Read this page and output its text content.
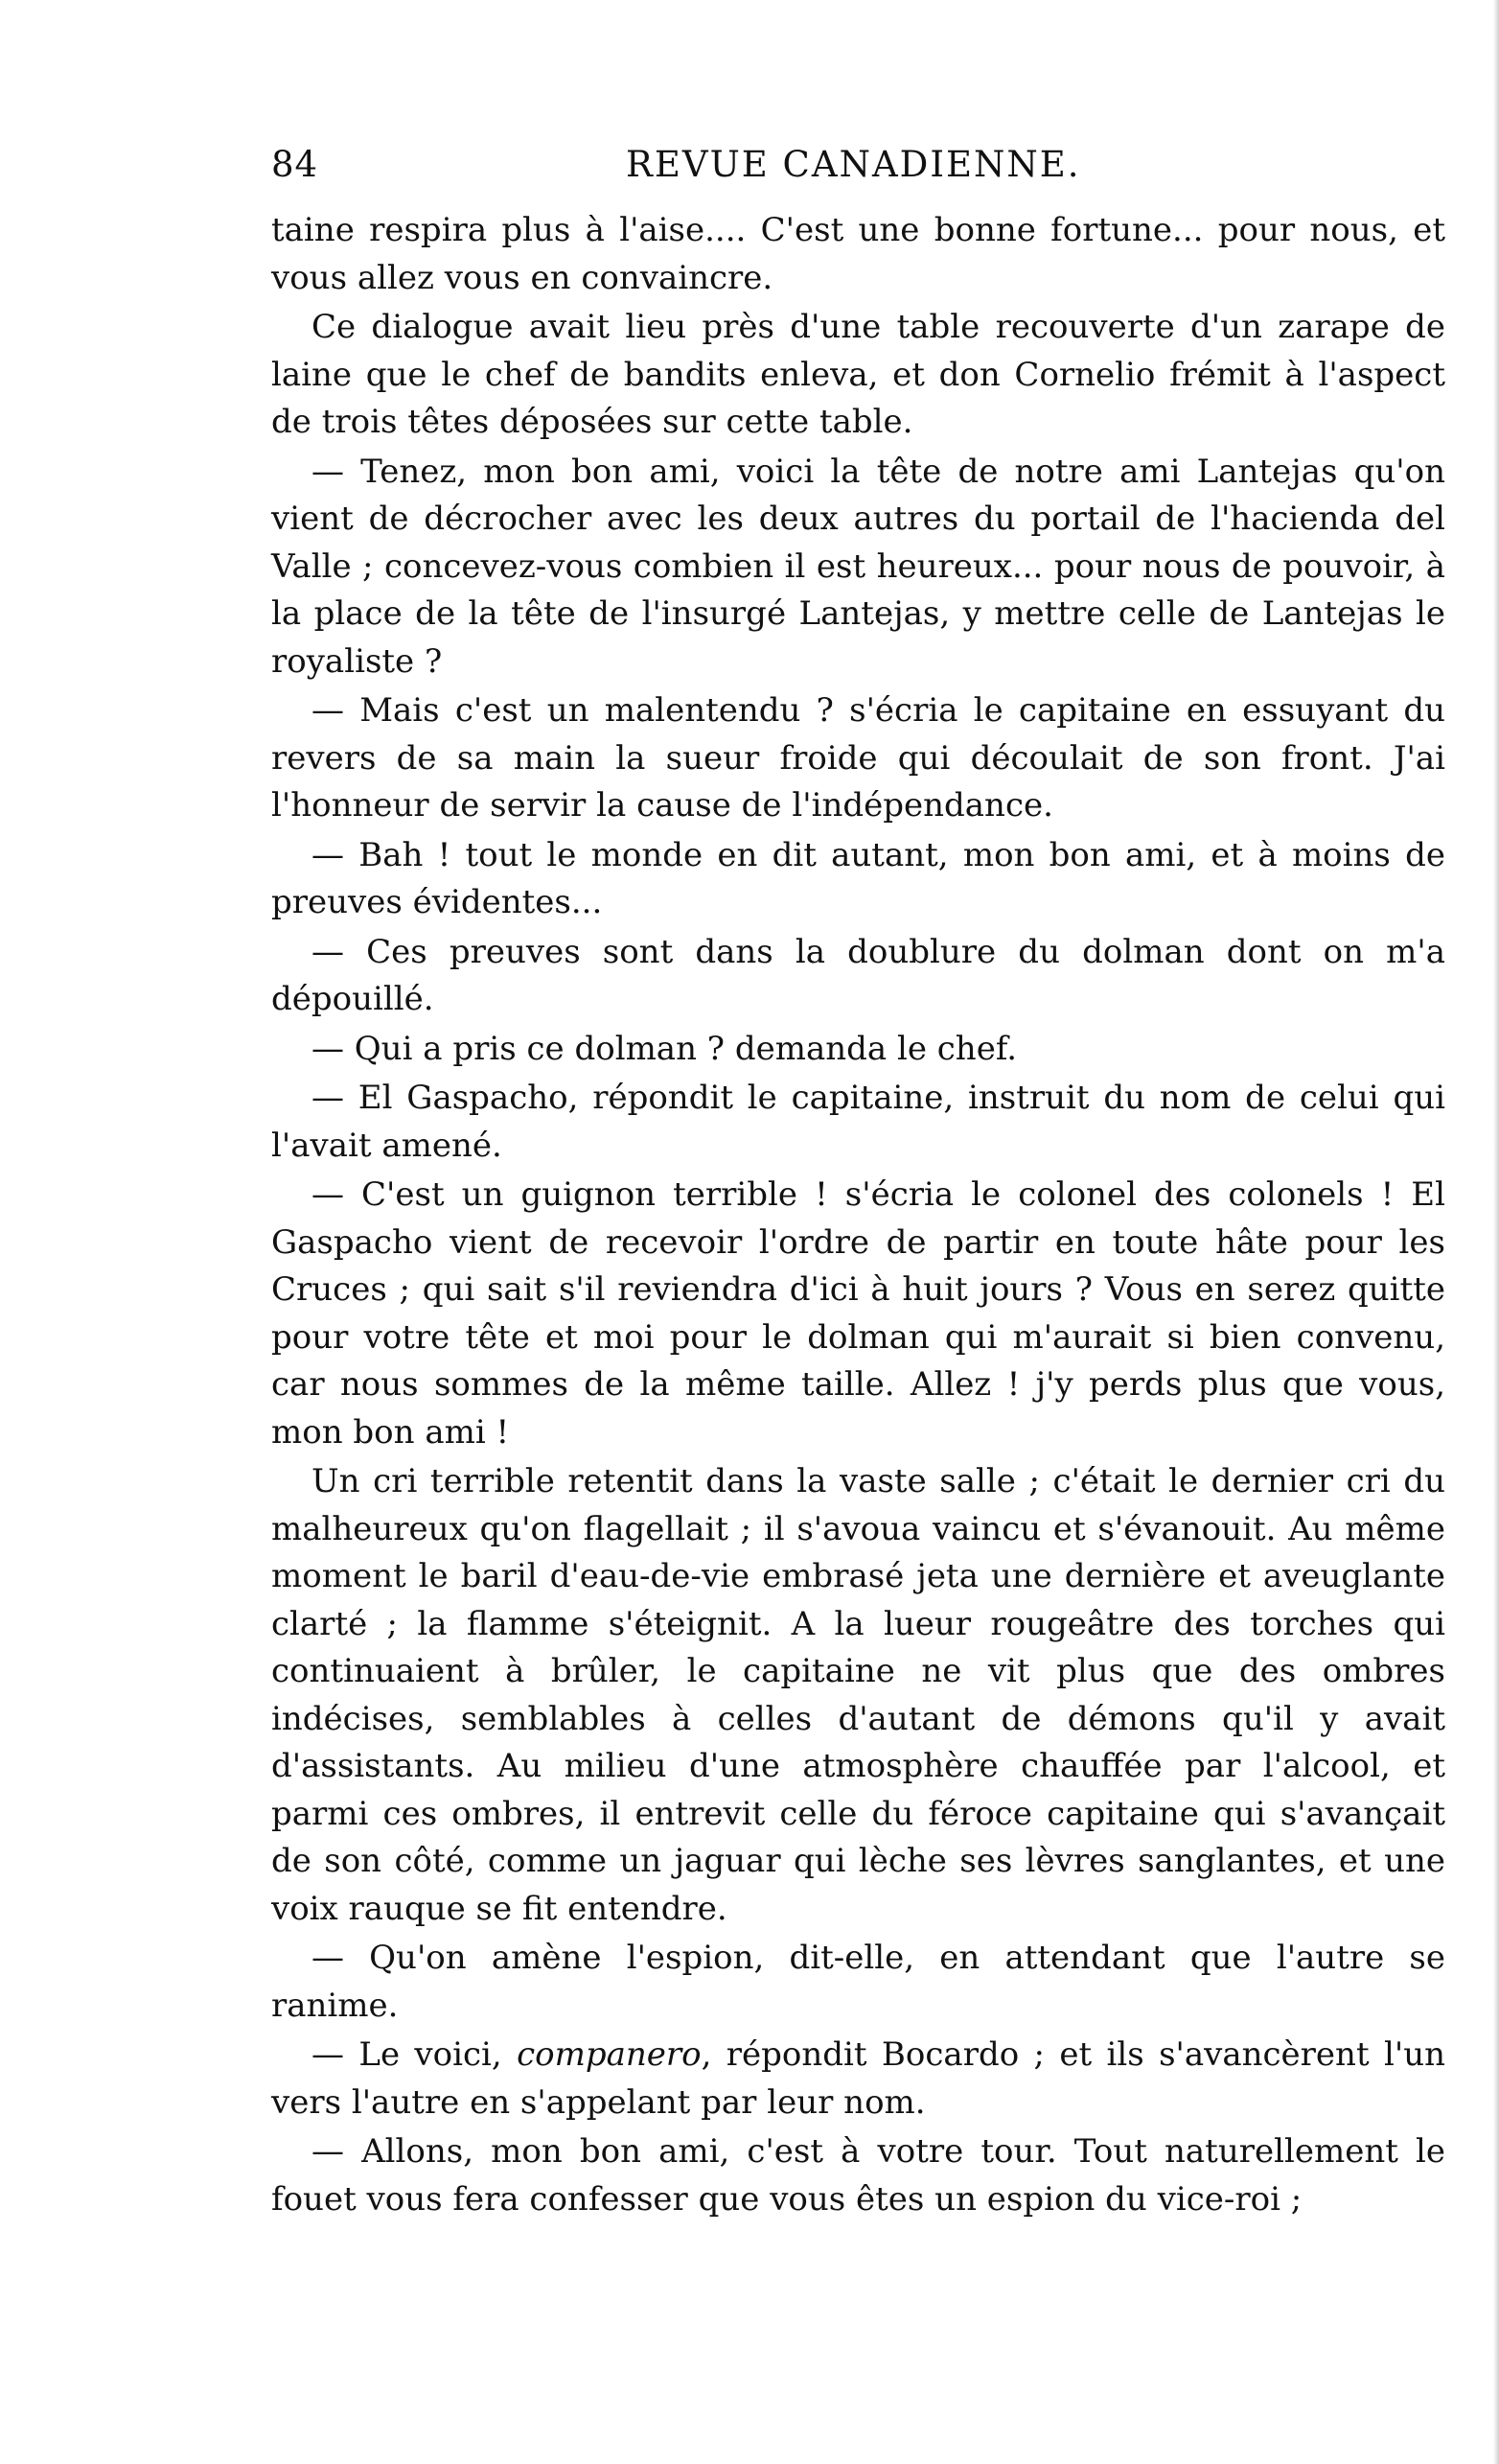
84	REVUE CANADIENNE.

taine respira plus à l'aise.... C'est une bonne fortune... pour nous, et vous allez vous en convaincre.

Ce dialogue avait lieu près d'une table recouverte d'un zarape de laine que le chef de bandits enleva, et don Cornelio frémit à l'aspect de trois têtes déposées sur cette table.

— Tenez, mon bon ami, voici la tête de notre ami Lantejas qu'on vient de décrocher avec les deux autres du portail de l'hacienda del Valle ; concevez-vous combien il est heureux... pour nous de pouvoir, à la place de la tête de l'insurgé Lantejas, y mettre celle de Lantejas le royaliste ?

— Mais c'est un malentendu ? s'écria le capitaine en essuyant du revers de sa main la sueur froide qui découlait de son front. J'ai l'honneur de servir la cause de l'indépendance.

— Bah ! tout le monde en dit autant, mon bon ami, et à moins de preuves évidentes...

— Ces preuves sont dans la doublure du dolman dont on m'a dépouillé.

— Qui a pris ce dolman ? demanda le chef.

— El Gaspacho, répondit le capitaine, instruit du nom de celui qui l'avait amené.

— C'est un guignon terrible ! s'écria le colonel des colonels ! El Gaspacho vient de recevoir l'ordre de partir en toute hâte pour les Cruces ; qui sait s'il reviendra d'ici à huit jours ? Vous en serez quitte pour votre tête et moi pour le dolman qui m'aurait si bien convenu, car nous sommes de la même taille. Allez ! j'y perds plus que vous, mon bon ami !

Un cri terrible retentit dans la vaste salle ; c'était le dernier cri du malheureux qu'on flagellait ; il s'avoua vaincu et s'évanouit. Au même moment le baril d'eau-de-vie embrasé jeta une dernière et aveuglante clarté ; la flamme s'éteignit. A la lueur rougeâtre des torches qui continuaient à brûler, le capitaine ne vit plus que des ombres indécises, semblables à celles d'autant de démons qu'il y avait d'assistants. Au milieu d'une atmosphère chauffée par l'alcool, et parmi ces ombres, il entrevit celle du féroce capitaine qui s'avançait de son côté, comme un jaguar qui lèche ses lèvres sanglantes, et une voix rauque se fit entendre.

— Qu'on amène l'espion, dit-elle, en attendant que l'autre se ranime.

— Le voici, companero, répondit Bocardo ; et ils s'avancèrent l'un vers l'autre en s'appelant par leur nom.

— Allons, mon bon ami, c'est à votre tour. Tout naturellement le fouet vous fera confesser que vous êtes un espion du vice-roi ;
